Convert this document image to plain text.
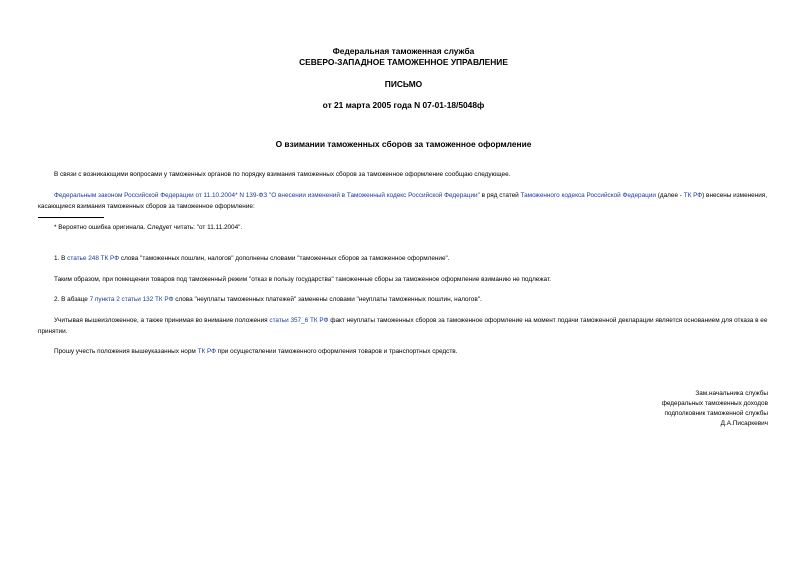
Федеральная таможенная служба
СЕВЕРО-ЗАПАДНОЕ ТАМОЖЕННОЕ УПРАВЛЕНИЕ
ПИСЬМО
от 21 марта 2005 года N 07-01-18/5048ф
О взимании таможенных сборов за таможенное оформление
В связи с возникающими вопросами у таможенных органов по порядку взимания таможенных сборов за таможенное оформление сообщаю следующее.
Федеральным законом Российской Федерации от 11.10.2004* N 139-ФЗ "О внесении изменений в Таможенный кодекс Российской Федерации" в ряд статей Таможенного кодекса Российской Федерации (далее - ТК РФ) внесены изменения, касающиеся взимания таможенных сборов за таможенное оформление:
* Вероятно ошибка оригинала. Следует читать: "от 11.11.2004".
1. В статье 248 ТК РФ слова "таможенных пошлин, налогов" дополнены словами "таможенных сборов за таможенное оформление".
Таким образом, при помещении товаров под таможенный режим "отказ в пользу государства" таможенные сборы за таможенное оформление взиманию не подлежат.
2. В абзаце 7 пункта 2 статьи 132 ТК РФ слова "неуплаты таможенных платежей" заменены словами "неуплаты таможенных пошлин, налогов".
Учитывая вышеизложенное, а также принимая во внимание положения статьи 357_6 ТК РФ факт неуплаты таможенных сборов за таможенное оформление на момент подачи таможенной декларации является основанием для отказа в ее принятии.
Прошу учесть положения вышеуказанных норм ТК РФ при осуществлении таможенного оформления товаров и транспортных средств.
Зам.начальника службы
федеральных таможенных доходов
подполковник таможенной службы
Д.А.Писаркевич
